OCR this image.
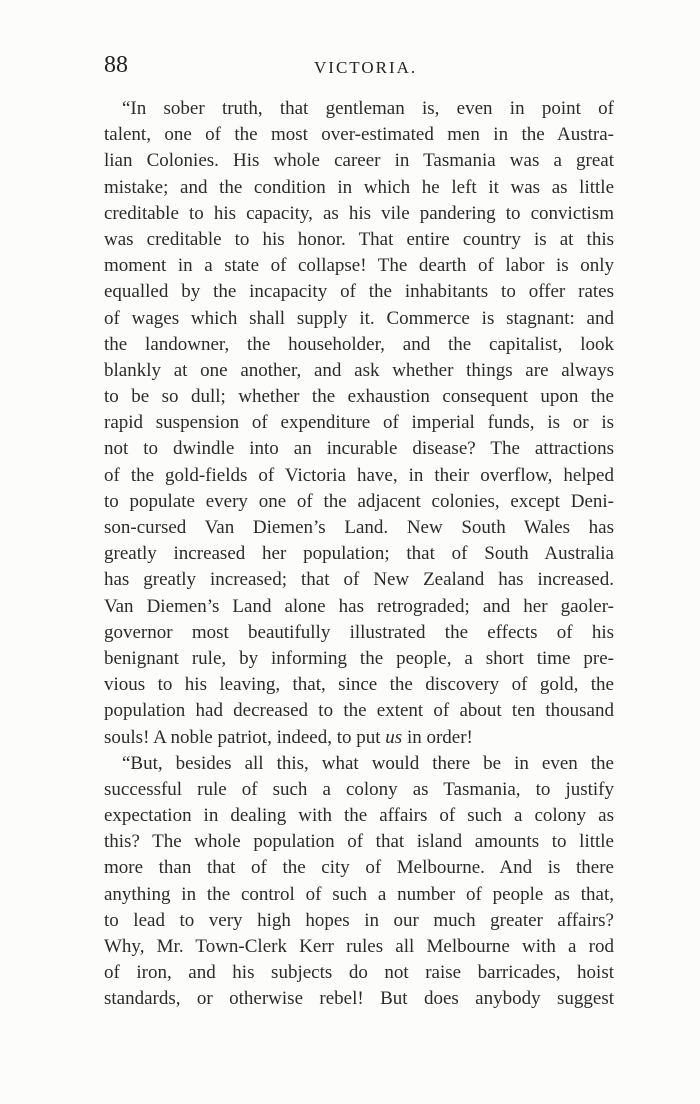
88	VICTORIA.
“In sober truth, that gentleman is, even in point of
talent, one of the most over-estimated men in the Austra-
lian Colonies. His whole career in Tasmania was a great
mistake; and the condition in which he left it was as little
creditable to his capacity, as his vile pandering to convictism
was creditable to his honor. That entire country is at this
moment in a state of collapse! The dearth of labor is only
equalled by the incapacity of the inhabitants to offer rates
of wages which shall supply it. Commerce is stagnant: and
the landowner, the householder, and the capitalist, look
blankly at one another, and ask whether things are always
to be so dull; whether the exhaustion consequent upon the
rapid suspension of expenditure of imperial funds, is or is
not to dwindle into an incurable disease? The attractions
of the gold-fields of Victoria have, in their overflow, helped
to populate every one of the adjacent colonies, except Deni-
son-cursed Van Diemen’s Land. New South Wales has
greatly increased her population; that of South Australia
has greatly increased; that of New Zealand has increased.
Van Diemen’s Land alone has retrograded; and her gaoler-
governor most beautifully illustrated the effects of his
benignant rule, by informing the people, a short time pre-
vious to his leaving, that, since the discovery of gold, the
population had decreased to the extent of about ten thousand
souls! A noble patriot, indeed, to put us in order!
“But, besides all this, what would there be in even the
successful rule of such a colony as Tasmania, to justify
expectation in dealing with the affairs of such a colony as
this? The whole population of that island amounts to little
more than that of the city of Melbourne. And is there
anything in the control of such a number of people as that,
to lead to very high hopes in our much greater affairs?
Why, Mr. Town-Clerk Kerr rules all Melbourne with a rod
of iron, and his subjects do not raise barricades, hoist
standards, or otherwise rebel! But does anybody suggest
